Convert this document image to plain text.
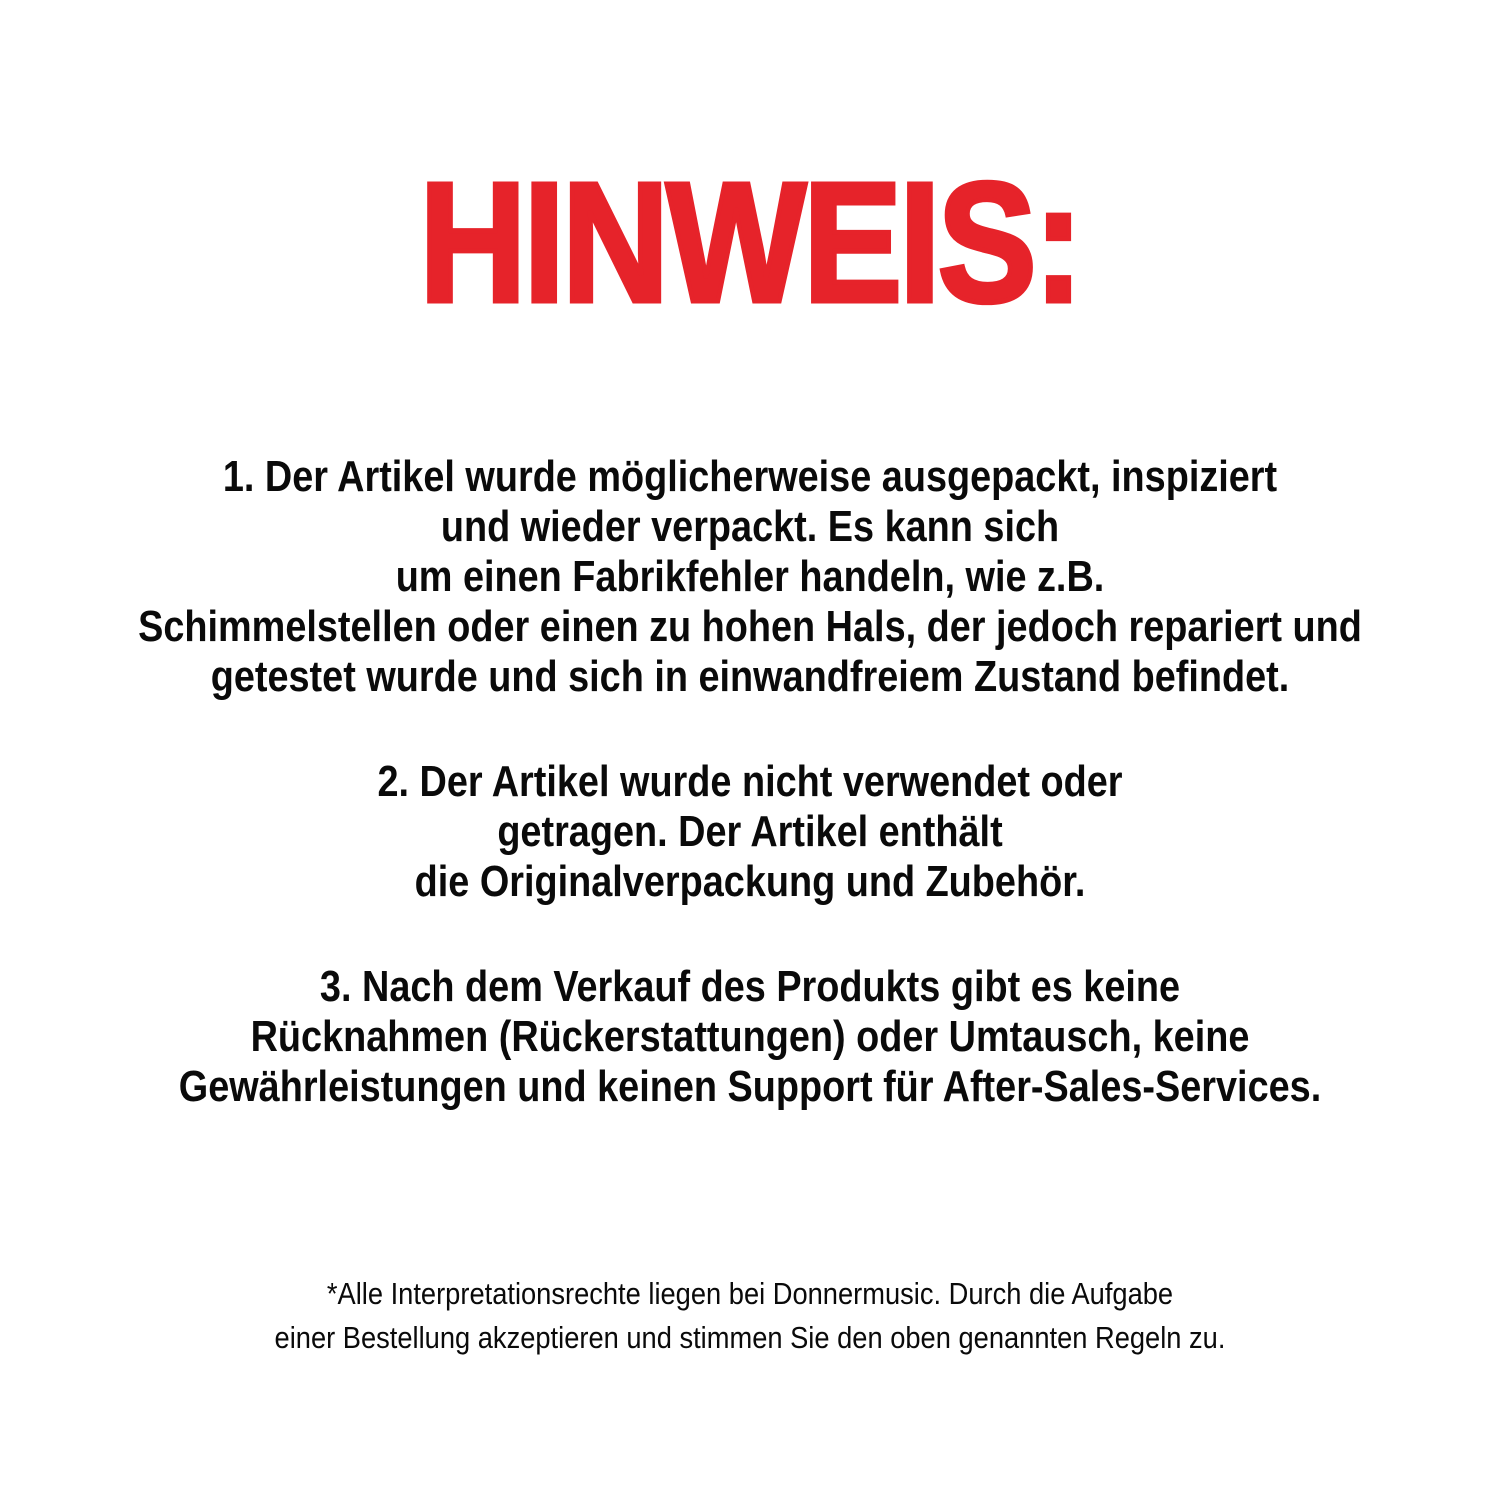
HINWEIS:

1. Der Artikel wurde möglicherweise ausgepackt, inspiziert
und wieder verpackt. Es kann sich
um einen Fabrikfehler handeln, wie z.B.
Schimmelstellen oder einen zu hohen Hals, der jedoch repariert und
getestet wurde und sich in einwandfreiem Zustand befindet.

2. Der Artikel wurde nicht verwendet oder
getragen. Der Artikel enthält
die Originalverpackung und Zubehör.

3. Nach dem Verkauf des Produkts gibt es keine
Rücknahmen (Rückerstattungen) oder Umtausch, keine
Gewährleistungen und keinen Support für After-Sales-Services.

*Alle Interpretationsrechte liegen bei Donnermusic. Durch die Aufgabe
einer Bestellung akzeptieren und stimmen Sie den oben genannten Regeln zu.
